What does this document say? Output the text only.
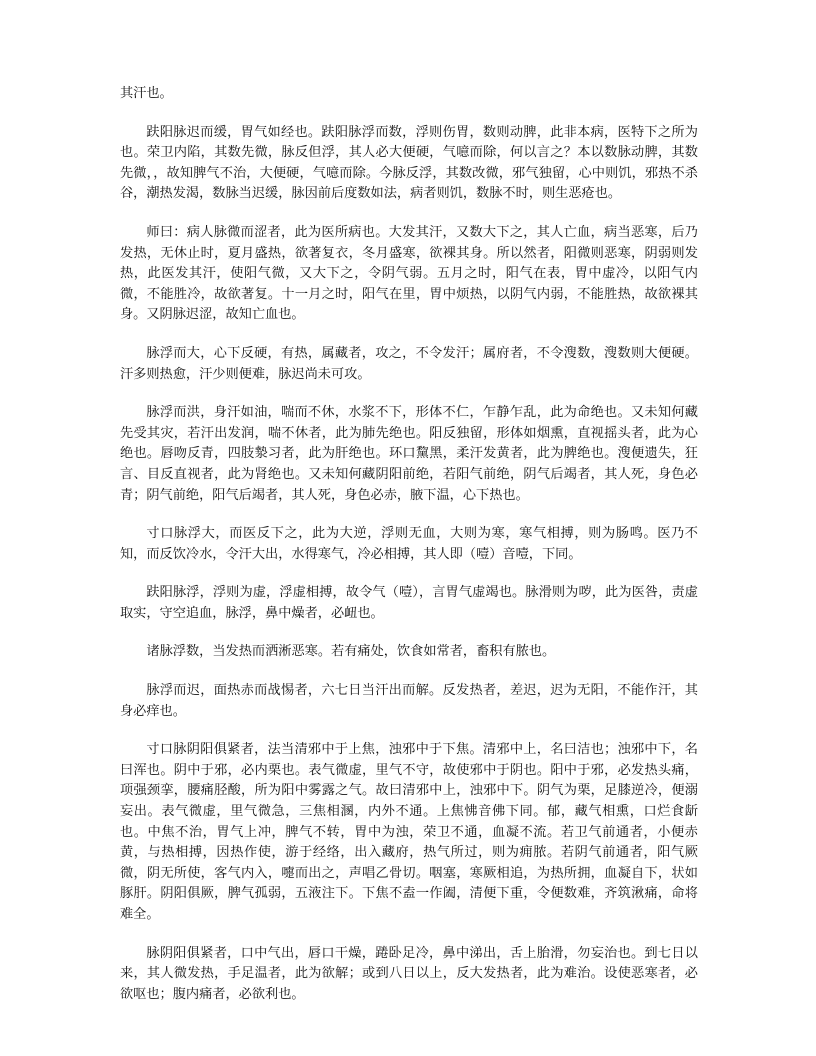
其汗也。

趺阳脉迟而缓，胃气如经也。趺阳脉浮而数，浮则伤胃，数则动脾，此非本病，医特下之所为也。荣卫内陷，其数先微，脉反但浮，其人必大便硬，气噫而除，何以言之？本以数脉动脾，其数先微，，故知脾气不治，大便硬，气噫而除。今脉反浮，其数改微，邪气独留，心中则饥，邪热不杀谷，潮热发渴，数脉当迟缓，脉因前后度数如法，病者则饥，数脉不时，则生恶疮也。

师曰：病人脉微而涩者，此为医所病也。大发其汗，又数大下之，其人亡血，病当恶寒，后乃发热，无休止时，夏月盛热，欲著复衣，冬月盛寒，欲裸其身。所以然者，阳微则恶寒，阴弱则发热，此医发其汗，使阳气微，又大下之，令阴气弱。五月之时，阳气在表，胃中虚冷，以阳气内微，不能胜冷，故欲著复。十一月之时，阳气在里，胃中烦热，以阴气内弱，不能胜热，故欲裸其身。又阴脉迟涩，故知亡血也。

脉浮而大，心下反硬，有热，属藏者，攻之，不令发汗；属府者，不令溲数，溲数则大便硬。汗多则热愈，汗少则便难，脉迟尚未可攻。

脉浮而洪，身汗如油，喘而不休，水浆不下，形体不仁，乍静乍乱，此为命绝也。又未知何藏先受其灾，若汗出发润，喘不休者，此为肺先绝也。阳反独留，形体如烟熏，直视摇头者，此为心绝也。唇吻反青，四肢漐习者，此为肝绝也。环口黧黑，柔汗发黄者，此为脾绝也。溲便遗失，狂言、目反直视者，此为肾绝也。又未知何藏阴阳前绝，若阳气前绝，阴气后竭者，其人死，身色必青；阴气前绝，阳气后竭者，其人死，身色必赤，腋下温，心下热也。

寸口脉浮大，而医反下之，此为大逆，浮则无血，大则为寒，寒气相搏，则为肠鸣。医乃不知，而反饮冷水，令汗大出，水得寒气，冷必相搏，其人即（噎）音噎，下同。

趺阳脉浮，浮则为虚，浮虚相搏，故令气（噎），言胃气虚竭也。脉滑则为哕，此为医咎，责虚取实，守空追血，脉浮，鼻中燥者，必衄也。

诸脉浮数，当发热而洒淅恶寒。若有痛处，饮食如常者，畜积有脓也。

脉浮而迟，面热赤而战惕者，六七日当汗出而解。反发热者，差迟，迟为无阳，不能作汗，其身必痒也。

寸口脉阴阳俱紧者，法当清邪中于上焦，浊邪中于下焦。清邪中上，名曰洁也；浊邪中下，名曰浑也。阴中于邪，必内栗也。表气微虚，里气不守，故使邪中于阴也。阳中于邪，必发热头痛，项强颈挛，腰痛胫酸，所为阳中雾露之气。故曰清邪中上，浊邪中下。阴气为栗，足膝逆冷，便溺妄出。表气微虚，里气微急，三焦相溷，内外不通。上焦怫音佛下同。郁，藏气相熏，口烂食龂也。中焦不治，胃气上冲，脾气不转，胃中为浊，荣卫不通，血凝不流。若卫气前通者，小便赤黄，与热相搏，因热作使，游于经络，出入藏府，热气所过，则为痈脓。若阴气前通者，阳气厥微，阴无所使，客气内入，嚏而出之，声唱乙骨切。咽塞，寒厥相追，为热所拥，血凝自下，状如豚肝。阴阳俱厥，脾气孤弱，五液注下。下焦不盍一作阖，清便下重，令便数难，齐筑湫痛，命将难全。

脉阴阳俱紧者，口中气出，唇口干燥，踡卧足冷，鼻中涕出，舌上胎滑，勿妄治也。到七日以来，其人微发热，手足温者，此为欲解；或到八日以上，反大发热者，此为难治。设使恶寒者，必欲呕也；腹内痛者，必欲利也。
